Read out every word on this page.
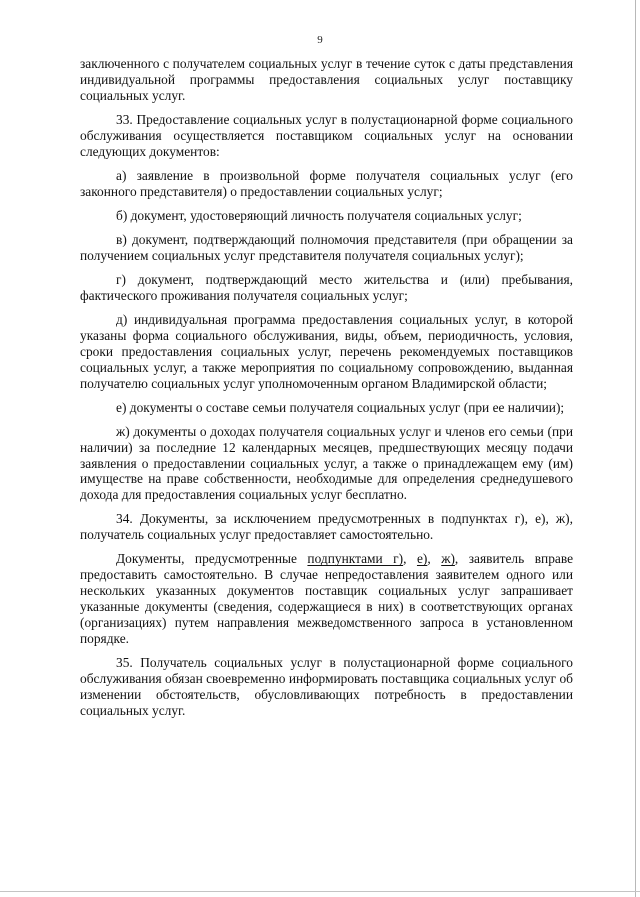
9

заключенного с получателем социальных услуг в течение суток с даты представления индивидуальной программы предоставления социальных услуг поставщику социальных услуг.

33. Предоставление социальных услуг в полустационарной форме социального обслуживания осуществляется поставщиком социальных услуг на основании следующих документов:

а) заявление в произвольной форме получателя социальных услуг (его законного представителя) о предоставлении социальных услуг;

б) документ, удостоверяющий личность получателя социальных услуг;

в) документ, подтверждающий полномочия представителя (при обращении за получением социальных услуг представителя получателя социальных услуг);

г) документ, подтверждающий место жительства и (или) пребывания, фактического проживания получателя социальных услуг;

д) индивидуальная программа предоставления социальных услуг, в которой указаны форма социального обслуживания, виды, объем, периодичность, условия, сроки предоставления социальных услуг, перечень рекомендуемых поставщиков социальных услуг, а также мероприятия по социальному сопровождению, выданная получателю социальных услуг уполномоченным органом Владимирской области;

е) документы о составе семьи получателя социальных услуг (при ее наличии);

ж) документы о доходах получателя социальных услуг и членов его семьи (при наличии) за последние 12 календарных месяцев, предшествующих месяцу подачи заявления о предоставлении социальных услуг, а также о принадлежащем ему (им) имуществе на праве собственности, необходимые для определения среднедушевого дохода для предоставления социальных услуг бесплатно.

34. Документы, за исключением предусмотренных в подпунктах г), е), ж), получатель социальных услуг предоставляет самостоятельно.

Документы, предусмотренные подпунктами г), е), ж), заявитель вправе предоставить самостоятельно. В случае непредоставления заявителем одного или нескольких указанных документов поставщик социальных услуг запрашивает указанные документы (сведения, содержащиеся в них) в соответствующих органах (организациях) путем направления межведомственного запроса в установленном порядке.

35. Получатель социальных услуг в полустационарной форме социального обслуживания обязан своевременно информировать поставщика социальных услуг об изменении обстоятельств, обусловливающих потребность в предоставлении социальных услуг.
